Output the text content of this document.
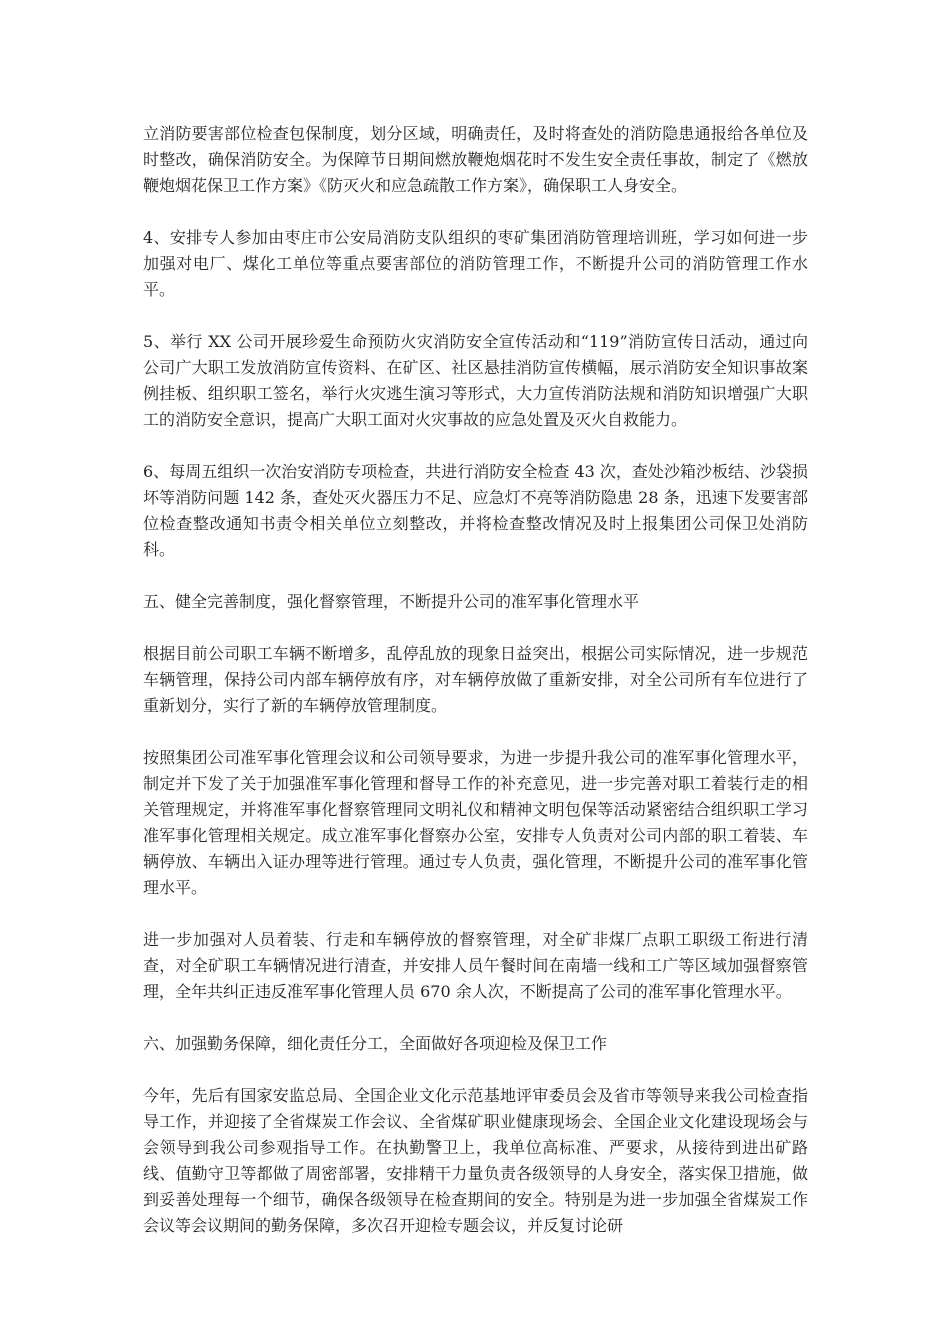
立消防要害部位检查包保制度，划分区域，明确责任，及时将查处的消防隐患通报给各单位及时整改，确保消防安全。为保障节日期间燃放鞭炮烟花时不发生安全责任事故，制定了《燃放鞭炮烟花保卫工作方案》《防灭火和应急疏散工作方案》，确保职工人身安全。

4、安排专人参加由枣庄市公安局消防支队组织的枣矿集团消防管理培训班，学习如何进一步加强对电厂、煤化工单位等重点要害部位的消防管理工作，不断提升公司的消防管理工作水平。

5、举行 XX 公司开展珍爱生命预防火灾消防安全宣传活动和“119”消防宣传日活动，通过向公司广大职工发放消防宣传资料、在矿区、社区悬挂消防宣传横幅，展示消防安全知识事故案例挂板、组织职工签名，举行火灾逃生演习等形式，大力宣传消防法规和消防知识增强广大职工的消防安全意识，提高广大职工面对火灾事故的应急处置及灭火自救能力。

6、每周五组织一次治安消防专项检查，共进行消防安全检查 43 次，查处沙箱沙板结、沙袋损坏等消防问题 142 条，查处灭火器压力不足、应急灯不亮等消防隐患 28 条，迅速下发要害部位检查整改通知书责令相关单位立刻整改，并将检查整改情况及时上报集团公司保卫处消防科。

五、健全完善制度，强化督察管理，不断提升公司的准军事化管理水平

根据目前公司职工车辆不断增多，乱停乱放的现象日益突出，根据公司实际情况，进一步规范车辆管理，保持公司内部车辆停放有序，对车辆停放做了重新安排，对全公司所有车位进行了重新划分，实行了新的车辆停放管理制度。

按照集团公司准军事化管理会议和公司领导要求，为进一步提升我公司的准军事化管理水平，制定并下发了关于加强准军事化管理和督导工作的补充意见，进一步完善对职工着装行走的相关管理规定，并将准军事化督察管理同文明礼仪和精神文明包保等活动紧密结合组织职工学习准军事化管理相关规定。成立准军事化督察办公室，安排专人负责对公司内部的职工着装、车辆停放、车辆出入证办理等进行管理。通过专人负责，强化管理，不断提升公司的准军事化管理水平。

进一步加强对人员着装、行走和车辆停放的督察管理，对全矿非煤厂点职工职级工衔进行清查，对全矿职工车辆情况进行清查，并安排人员午餐时间在南墙一线和工广等区域加强督察管理，全年共纠正违反准军事化管理人员 670 余人次，不断提高了公司的准军事化管理水平。

六、加强勤务保障，细化责任分工，全面做好各项迎检及保卫工作

今年，先后有国家安监总局、全国企业文化示范基地评审委员会及省市等领导来我公司检查指导工作，并迎接了全省煤炭工作会议、全省煤矿职业健康现场会、全国企业文化建设现场会与会领导到我公司参观指导工作。在执勤警卫上，我单位高标准、严要求，从接待到进出矿路线、值勤守卫等都做了周密部署，安排精干力量负责各级领导的人身安全，落实保卫措施，做到妥善处理每一个细节，确保各级领导在检查期间的安全。特别是为进一步加强全省煤炭工作会议等会议期间的勤务保障，多次召开迎检专题会议，并反复讨论研
